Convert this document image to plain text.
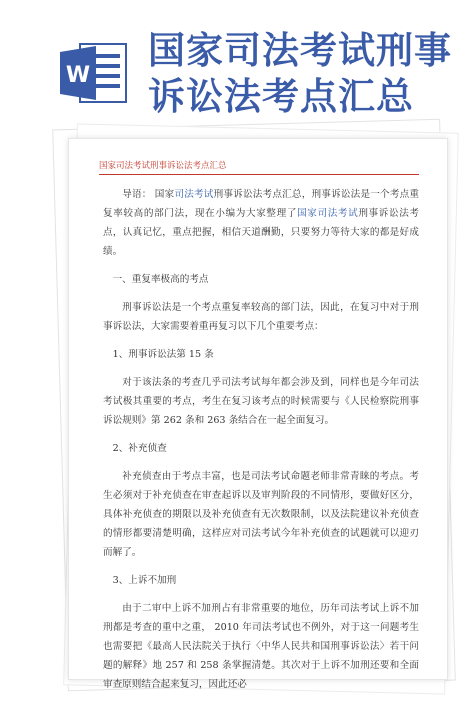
W
国家司法考试刑事
诉讼法考点汇总
国家司法考试刑事诉讼法考点汇总

导语： 国家司法考试刑事诉讼法考点汇总，刑事诉讼法是一个考点重复率较高的部门法，现在小编为大家整理了国家司法考试刑事诉讼法考点，认真记忆，重点把握，相信天道酬勤，只要努力等待大家的都是好成绩。

一、重复率极高的考点

刑事诉讼法是一个考点重复率较高的部门法，因此，在复习中对于刑事诉讼法，大家需要着重再复习以下几个重要考点：

1、刑事诉讼法第 15 条

对于该法条的考查几乎司法考试每年都会涉及到，同样也是今年司法考试极其重要的考点，考生在复习该考点的时候需要与《人民检察院刑事诉讼规则》第 262 条和 263 条结合在一起全面复习。

2、补充侦查

补充侦查由于考点丰富，也是司法考试命题老师非常青睐的考点。考生必须对于补充侦查在审查起诉以及审判阶段的不同情形，要做好区分，具体补充侦查的期限以及补充侦查有无次数限制，以及法院建议补充侦查的情形都要清楚明确，这样应对司法考试今年补充侦查的试题就可以迎刃而解了。

3、上诉不加刑

由于二审中上诉不加刑占有非常重要的地位，历年司法考试上诉不加刑都是考查的重中之重， 2010 年司法考试也不例外，对于这一问题考生也需要把《最高人民法院关于执行〈中华人民共和国刑事诉讼法〉若干问题的解释》地 257 和 258 条掌握清楚。其次对于上诉不加刑还要和全面审查原则结合起来复习，因此还必
